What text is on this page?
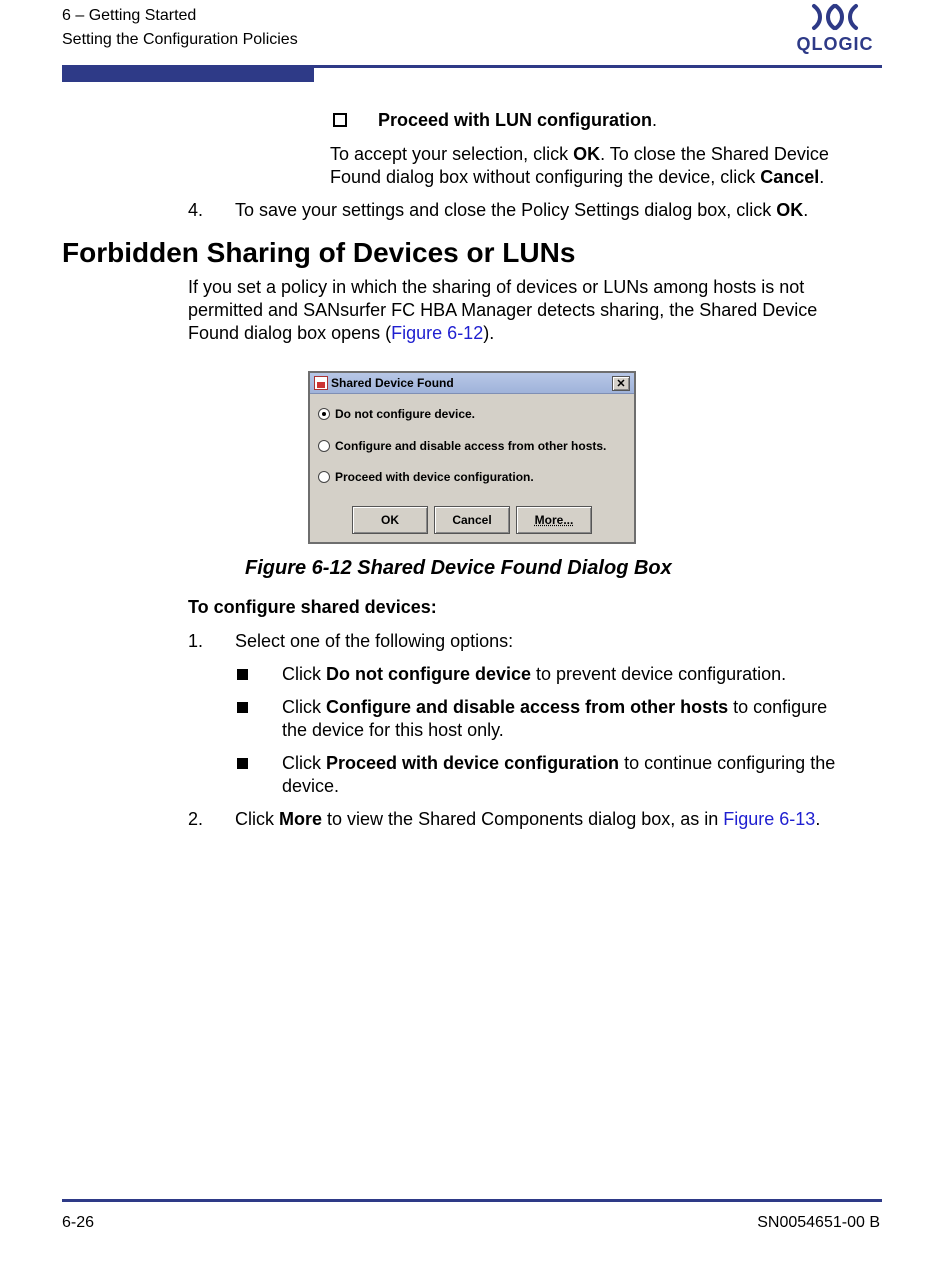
6 – Getting Started
Setting the Configuration Policies	QLOGIC
Proceed with LUN configuration.
To accept your selection, click OK. To close the Shared Device
Found dialog box without configuring the device, click Cancel.
4. To save your settings and close the Policy Settings dialog box, click OK.
Forbidden Sharing of Devices or LUNs
If you set a policy in which the sharing of devices or LUNs among hosts is not
permitted and SANsurfer FC HBA Manager detects sharing, the Shared Device
Found dialog box opens (Figure 6-12).
Shared Device Found	✕
Do not configure device.
Configure and disable access from other hosts.
Proceed with device configuration.
OK	Cancel	More...
Figure 6-12 Shared Device Found Dialog Box
To configure shared devices:
1. Select one of the following options:
Click Do not configure device to prevent device configuration.
Click Configure and disable access from other hosts to configure
the device for this host only.
Click Proceed with device configuration to continue configuring the
device.
2. Click More to view the Shared Components dialog box, as in Figure 6-13.
6-26	SN0054651-00 B
